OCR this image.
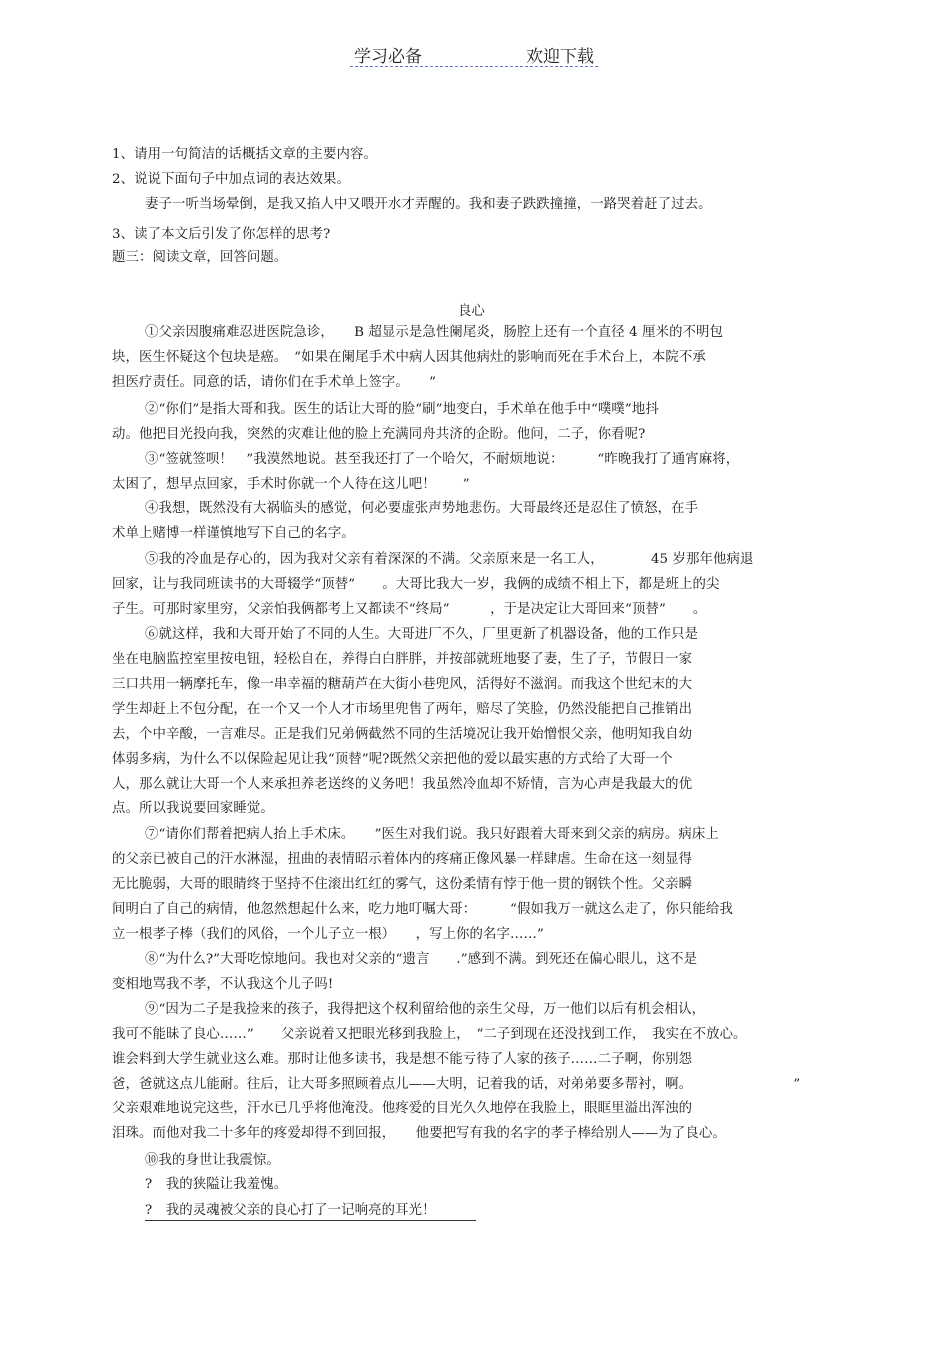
学习必备	欢迎下载
1、请用一句简洁的话概括文章的主要内容。
2、说说下面句子中加点词的表达效果。
妻子一听当场晕倒，是我又掐人中又喂开水才弄醒的。我和妻子跌跌撞撞，一路哭着赶了过去。
3、读了本文后引发了你怎样的思考?
题三：阅读文章，回答问题。
良心
①父亲因腹痛难忍进医院急诊，　　B 超显示是急性阑尾炎，肠腔上还有一个直径 4 厘米的不明包
块，医生怀疑这个包块是癌。　“如果在阑尾手术中病人因其他病灶的影响而死在手术台上，本院不承
担医疗责任。同意的话，请你们在手术单上签字。　　”
②“你们”是指大哥和我。医生的话让大哥的脸“刷”地变白，手术单在他手中“噗噗”地抖
动。他把目光投向我，突然的灾难让他的脸上充满同舟共济的企盼。他问，二子，你看呢?
③“签就签呗！　”我漠然地说。甚至我还打了一个哈欠，不耐烦地说：　　　“昨晚我打了通宵麻将，
太困了，想早点回家，手术时你就一个人待在这儿吧！　　”
④我想，既然没有大祸临头的感觉，何必要虚张声势地悲伤。大哥最终还是忍住了愤怒，在手
术单上赌博一样谨慎地写下自己的名字。
⑤我的冷血是存心的，因为我对父亲有着深深的不满。父亲原来是一名工人，　　　　45 岁那年他病退
回家，让与我同班读书的大哥辍学“顶替”　　。大哥比我大一岁，我俩的成绩不相上下，都是班上的尖
子生。可那时家里穷，父亲怕我俩都考上又都读不“终局”　　　，于是决定让大哥回来“顶替”　　。
⑥就这样，我和大哥开始了不同的人生。大哥进厂不久，厂里更新了机器设备，他的工作只是
坐在电脑监控室里按电钮，轻松自在，养得白白胖胖，并按部就班地娶了妻，生了子，节假日一家
三口共用一辆摩托车，像一串幸福的糖葫芦在大街小巷兜风，活得好不滋润。而我这个世纪末的大
学生却赶上不包分配，在一个又一个人才市场里兜售了两年，赔尽了笑脸，仍然没能把自己推销出
去，个中辛酸，一言难尽。正是我们兄弟俩截然不同的生活境况让我开始憎恨父亲，他明知我自幼
体弱多病，为什么不以保险起见让我“顶替”呢?既然父亲把他的爱以最实惠的方式给了大哥一个
人，那么就让大哥一个人来承担养老送终的义务吧！我虽然冷血却不矫情，言为心声是我最大的优
点。所以我说要回家睡觉。
⑦“请你们帮着把病人抬上手术床。　　”医生对我们说。我只好跟着大哥来到父亲的病房。病床上
的父亲已被自己的汗水淋湿，扭曲的表情昭示着体内的疼痛正像风暴一样肆虐。生命在这一刻显得
无比脆弱，大哥的眼睛终于坚持不住滚出红红的雾气，这份柔情有悖于他一贯的钢铁个性。父亲瞬
间明白了自己的病情，他忽然想起什么来，吃力地叮嘱大哥：　　　“假如我万一就这么走了，你只能给我
立一根孝子棒（我们的风俗，一个儿子立一根）　　，写上你的名字……”
⑧“为什么?”大哥吃惊地问。我也对父亲的“遗言　　.”感到不满。到死还在偏心眼儿，这不是
变相地骂我不孝，不认我这个儿子吗!
⑨“因为二子是我捡来的孩子，我得把这个权利留给他的亲生父母，万一他们以后有机会相认，
我可不能昧了良心……”　　父亲说着又把眼光移到我脸上，　“二子到现在还没找到工作，　我实在不放心。
谁会料到大学生就业这么难。那时让他多读书，我是想不能亏待了人家的孩子……二子啊，你别怨
爸，爸就这点儿能耐。往后，让大哥多照顾着点儿——大明，记着我的话，对弟弟要多帮衬，啊。　　　　　　　　”
父亲艰难地说完这些，汗水已几乎将他淹没。他疼爱的目光久久地停在我脸上，眼眶里溢出浑浊的
泪珠。而他对我二十多年的疼爱却得不到回报，　　他要把写有我的名字的孝子棒给别人——为了良心。
⑩我的身世让我震惊。
?　我的狭隘让我羞愧。
?　我的灵魂被父亲的良心打了一记响亮的耳光！
